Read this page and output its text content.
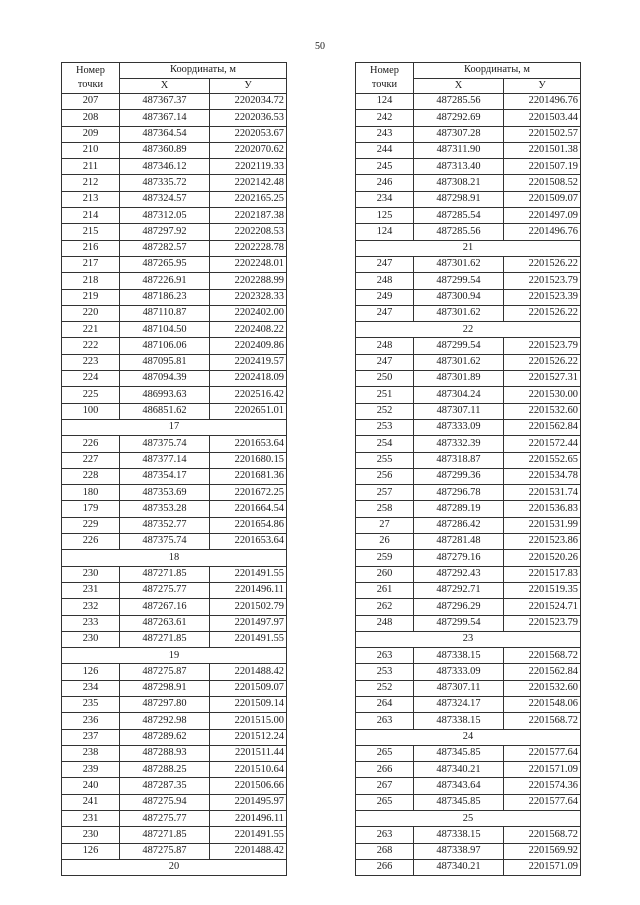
50
Номер
точки	Координаты, м	
	X	У
207	487367.37	2202034.72
208	487367.14	2202036.53
209	487364.54	2202053.67
210	487360.89	2202070.62
211	487346.12	2202119.33
212	487335.72	2202142.48
213	487324.57	2202165.25
214	487312.05	2202187.38
215	487297.92	2202208.53
216	487282.57	2202228.78
217	487265.95	2202248.01
218	487226.91	2202288.99
219	487186.23	2202328.33
220	487110.87	2202402.00
221	487104.50	2202408.22
222	487106.06	2202409.86
223	487095.81	2202419.57
224	487094.39	2202418.09
225	486993.63	2202516.42
100	486851.62	2202651.01
17		
226	487375.74	2201653.64
227	487377.14	2201680.15
228	487354.17	2201681.36
180	487353.69	2201672.25
179	487353.28	2201664.54
229	487352.77	2201654.86
226	487375.74	2201653.64
18		
230	487271.85	2201491.55
231	487275.77	2201496.11
232	487267.16	2201502.79
233	487263.61	2201497.97
230	487271.85	2201491.55
19		
126	487275.87	2201488.42
234	487298.91	2201509.07
235	487297.80	2201509.14
236	487292.98	2201515.00
237	487289.62	2201512.24
238	487288.93	2201511.44
239	487288.25	2201510.64
240	487287.35	2201506.66
241	487275.94	2201495.97
231	487275.77	2201496.11
230	487271.85	2201491.55
126	487275.87	2201488.42
20		
Номер
точки	Координаты, м	
	X	У
124	487285.56	2201496.76
242	487292.69	2201503.44
243	487307.28	2201502.57
244	487311.90	2201501.38
245	487313.40	2201507.19
246	487308.21	2201508.52
234	487298.91	2201509.07
125	487285.54	2201497.09
124	487285.56	2201496.76
21		
247	487301.62	2201526.22
248	487299.54	2201523.79
249	487300.94	2201523.39
247	487301.62	2201526.22
22		
248	487299.54	2201523.79
247	487301.62	2201526.22
250	487301.89	2201527.31
251	487304.24	2201530.00
252	487307.11	2201532.60
253	487333.09	2201562.84
254	487332.39	2201572.44
255	487318.87	2201552.65
256	487299.36	2201534.78
257	487296.78	2201531.74
258	487289.19	2201536.83
27	487286.42	2201531.99
26	487281.48	2201523.86
259	487279.16	2201520.26
260	487292.43	2201517.83
261	487292.71	2201519.35
262	487296.29	2201524.71
248	487299.54	2201523.79
23		
263	487338.15	2201568.72
253	487333.09	2201562.84
252	487307.11	2201532.60
264	487324.17	2201548.06
263	487338.15	2201568.72
24		
265	487345.85	2201577.64
266	487340.21	2201571.09
267	487343.64	2201574.36
265	487345.85	2201577.64
25		
263	487338.15	2201568.72
268	487338.97	2201569.92
266	487340.21	2201571.09
